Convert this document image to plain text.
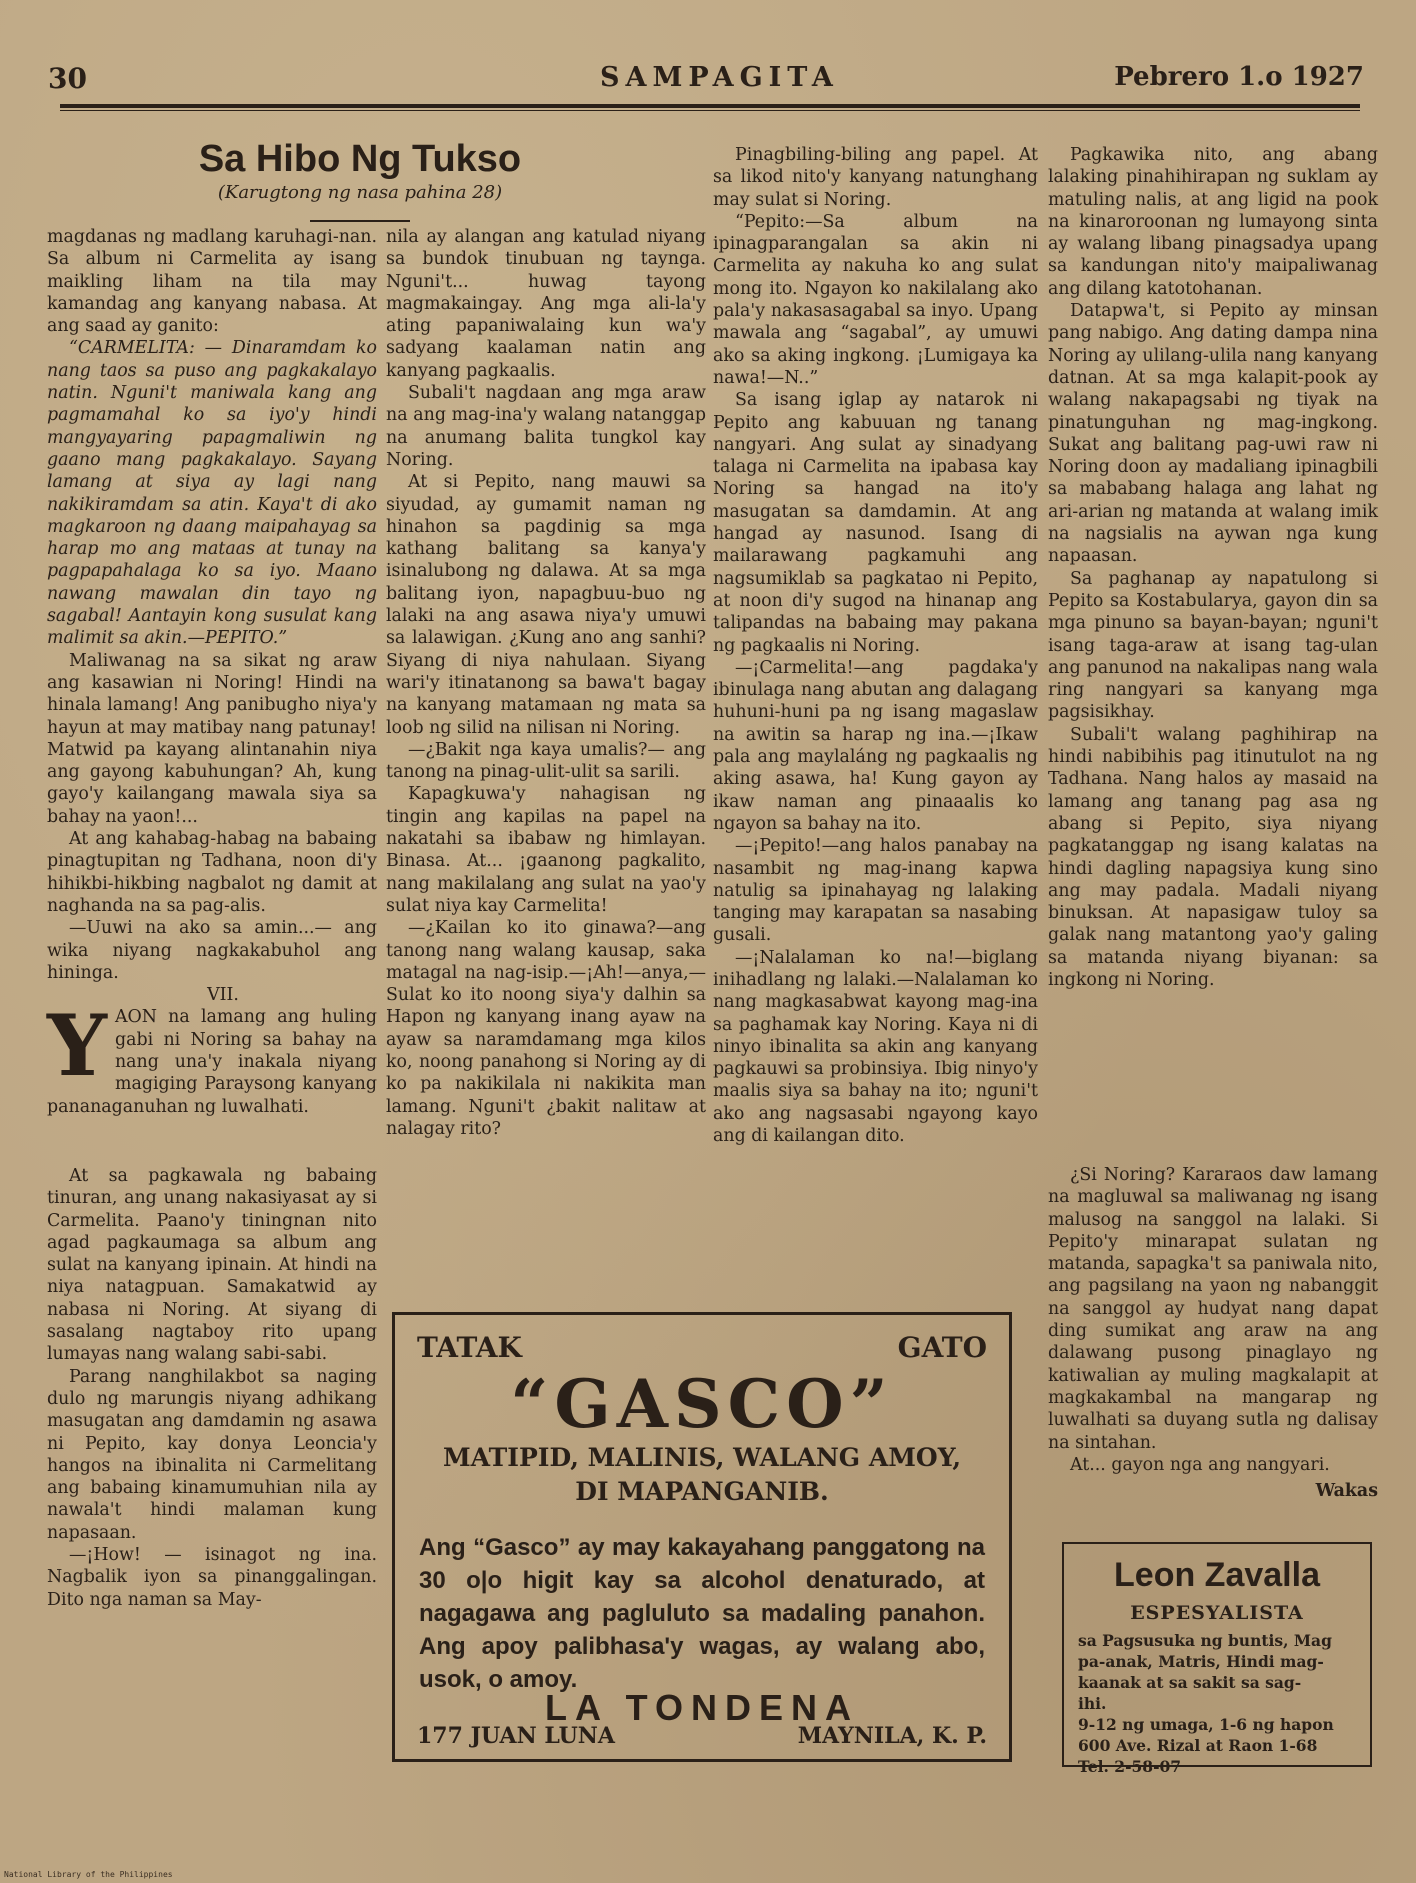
30	SAMPAGITA	Pebrero 1.o 1927
Sa Hibo Ng Tukso
(Karugtong ng nasa pahina 28)

magdanas ng madlang karuhagi-nan. Sa album ni Carmelita ay isang maikling liham na tila may kamandag ang kanyang nabasa. At ang saad ay ganito:

“CARMELITA: — Dinaramdam ko nang taos sa puso ang pagkakalayo natin. Nguni't maniwala kang ang pagmamahal ko sa iyo'y hindi mangyayaring papagmaliwin ng gaano mang pagkakalayo. Sayang lamang at siya ay lagi nang nakikiramdam sa atin. Kaya't di ako magkaroon ng daang maipahayag sa harap mo ang mataas at tunay na pagpapahalaga ko sa iyo. Maano nawang mawalan din tayo ng sagabal! Aantayin kong susulat kang malimit sa akin.—PEPITO.”

Maliwanag na sa sikat ng araw ang kasawian ni Noring! Hindi na hinala lamang! Ang panibugho niya'y hayun at may matibay nang patunay! Matwid pa kayang alintanahin niya ang gayong kabuhungan? Ah, kung gayo'y kailangang mawala siya sa bahay na yaon!...

At ang kahabag-habag na babaing pinagtupitan ng Tadhana, noon di'y hihikbi-hikbing nagbalot ng damit at naghanda na sa pag-alis.

—Uuwi na ako sa amin...— ang wika niyang nagkakabuhol ang hininga.

VII.

YAON na lamang ang huling gabi ni Noring sa bahay na nang una'y inakala niyang magiging Paraysong kanyang pananaganuhan ng luwalhati.

At sa pagkawala ng babaing tinuran, ang unang nakasiyasat ay si Carmelita. Paano'y tiningnan nito agad pagkaumaga sa album ang sulat na kanyang ipinain. At hindi na niya natagpuan. Samakatwid ay nabasa ni Noring. At siyang di sasalang nagtaboy rito upang lumayas nang walang sabi-sabi.

Parang nanghilakbot sa naging dulo ng marungis niyang adhikang masugatan ang damdamin ng asawa ni Pepito, kay donya Leoncia'y hangos na ibinalita ni Carmelitang ang babaing kinamumuhian nila ay nawala't hindi malaman kung napasaan.

—¡How! — isinagot ng ina. Nagbalik iyon sa pinanggalingan. Dito nga naman sa May-

nila ay alangan ang katulad niyang sa bundok tinubuan ng taynga. Nguni't... huwag tayong magmakaingay. Ang mga ali-la'y ating papaniwalaing kun wa'y sadyang kaalaman natin ang kanyang pagkaalis.

Subali't nagdaan ang mga araw na ang mag-ina'y walang natanggap na anumang balita tungkol kay Noring.

At si Pepito, nang mauwi sa siyudad, ay gumamit naman ng hinahon sa pagdinig sa mga kathang balitang sa kanya'y isinalubong ng dalawa. At sa mga balitang iyon, napagbuu-buo ng lalaki na ang asawa niya'y umuwi sa lalawigan. ¿Kung ano ang sanhi? Siyang di niya nahulaan. Siyang wari'y itinatanong sa bawa't bagay na kanyang matamaan ng mata sa loob ng silid na nilisan ni Noring.

—¿Bakit nga kaya umalis?— ang tanong na pinag-ulit-ulit sa sarili.

Kapagkuwa'y nahagisan ng tingin ang kapilas na papel na nakatahi sa ibabaw ng himlayan. Binasa. At... ¡gaanong pagkalito, nang makilalang ang sulat na yao'y sulat niya kay Carmelita!

—¿Kailan ko ito ginawa?—ang tanong nang walang kausap, saka matagal na nag-isip.—¡Ah!—anya,—Sulat ko ito noong siya'y dalhin sa Hapon ng kanyang inang ayaw na ayaw sa naramdamang mga kilos ko, noong panahong si Noring ay di ko pa nakikilala ni nakikita man lamang. Nguni't ¿bakit nalitaw at nalagay rito?

Pinagbiling-biling ang papel. At sa likod nito'y kanyang natunghang may sulat si Noring.

“Pepito:—Sa album na ipinagparangalan sa akin ni Carmelita ay nakuha ko ang sulat mong ito. Ngayon ko nakilalang ako pala'y nakasasagabal sa inyo. Upang mawala ang “sagabal”, ay umuwi ako sa aking ingkong. ¡Lumigaya ka nawa!—N..”

Sa isang iglap ay natarok ni Pepito ang kabuuan ng tanang nangyari. Ang sulat ay sinadyang talaga ni Carmelita na ipabasa kay Noring sa hangad na ito'y masugatan sa damdamin. At ang hangad ay nasunod. Isang di mailarawang pagkamuhi ang nagsumiklab sa pagkatao ni Pepito, at noon di'y sugod na hinanap ang talipandas na babaing may pakana ng pagkaalis ni Noring.

—¡Carmelita!—ang pagdaka'y ibinulaga nang abutan ang dalagang huhuni-huni pa ng isang magaslaw na awitin sa harap ng ina.—¡Ikaw pala ang maylaláng ng pagkaalis ng aking asawa, ha! Kung gayon ay ikaw naman ang pinaaalis ko ngayon sa bahay na ito.

—¡Pepito!—ang halos panabay na nasambit ng mag-inang kapwa natulig sa ipinahayag ng lalaking tanging may karapatan sa nasabing gusali.

—¡Nalalaman ko na!—biglang inihadlang ng lalaki.—Nalalaman ko nang magkasabwat kayong mag-ina sa paghamak kay Noring. Kaya ni di ninyo ibinalita sa akin ang kanyang pagkauwi sa probinsiya. Ibig ninyo'y maalis siya sa bahay na ito; nguni't ako ang nagsasabi ngayong kayo ang di kailangan dito.

Pagkawika nito, ang abang lalaking pinahihirapan ng suklam ay matuling nalis, at ang ligid na pook na kinaroroonan ng lumayong sinta ay walang libang pinagsadya upang sa kandungan nito'y maipaliwanag ang dilang katotohanan.

Datapwa't, si Pepito ay minsan pang nabigo. Ang dating dampa nina Noring ay ulilang-ulila nang kanyang datnan. At sa mga kalapit-pook ay walang nakapagsabi ng tiyak na pinatunguhan ng mag-ingkong. Sukat ang balitang pag-uwi raw ni Noring doon ay madaliang ipinagbili sa mababang halaga ang lahat ng ari-arian ng matanda at walang imik na nagsialis na aywan nga kung napaasan.

Sa paghanap ay napatulong si Pepito sa Kostabularya, gayon din sa mga pinuno sa bayan-bayan; nguni't isang taga-araw at isang tag-ulan ang panunod na nakalipas nang wala ring nangyari sa kanyang mga pagsisikhay.

Subali't walang paghihirap na hindi nabibihis pag itinutulot na ng Tadhana. Nang halos ay masaid na lamang ang tanang pag asa ng abang si Pepito, siya niyang pagkatanggap ng isang kalatas na hindi dagling napagsiya kung sino ang may padala. Madali niyang binuksan. At napasigaw tuloy sa galak nang matantong yao'y galing sa matanda niyang biyanan: sa ingkong ni Noring.

¿Si Noring? Kararaos daw lamang na magluwal sa maliwanag ng isang malusog na sanggol na lalaki. Si Pepito'y minarapat sulatan ng matanda, sapagka't sa paniwala nito, ang pagsilang na yaon ng nabanggit na sanggol ay hudyat nang dapat ding sumikat ang araw na ang dalawang pusong pinaglayo ng katiwalian ay muling magkalapit at magkakambal na mangarap ng luwalhati sa duyang sutla ng dalisay na sintahan.

At... gayon nga ang nangyari.

Wakas
TATAK	GATO
“GASCO”
MATIPID, MALINIS, WALANG AMOY,
DI MAPANGANIB.
Ang “Gasco” ay may kakayahang panggatong na 30 o|o higit kay sa alcohol denaturado, at nagagawa ang pagluluto sa madaling panahon. Ang apoy palibhasa'y wagas, ay walang abo, usok, o amoy.
LA TONDENA
177 JUAN LUNA	MAYNILA, K. P.
Leon Zavalla
ESPESYALISTA

sa Pagsusuka ng buntis, Mag

pa-anak, Matris, Hindi mag-

kaanak at sa sakit sa sag-

ihi.

9-12 ng umaga, 1-6 ng hapon

600 Ave. Rizal at Raon 1-68

Tel. 2-58-07

National Library of the Philippines
